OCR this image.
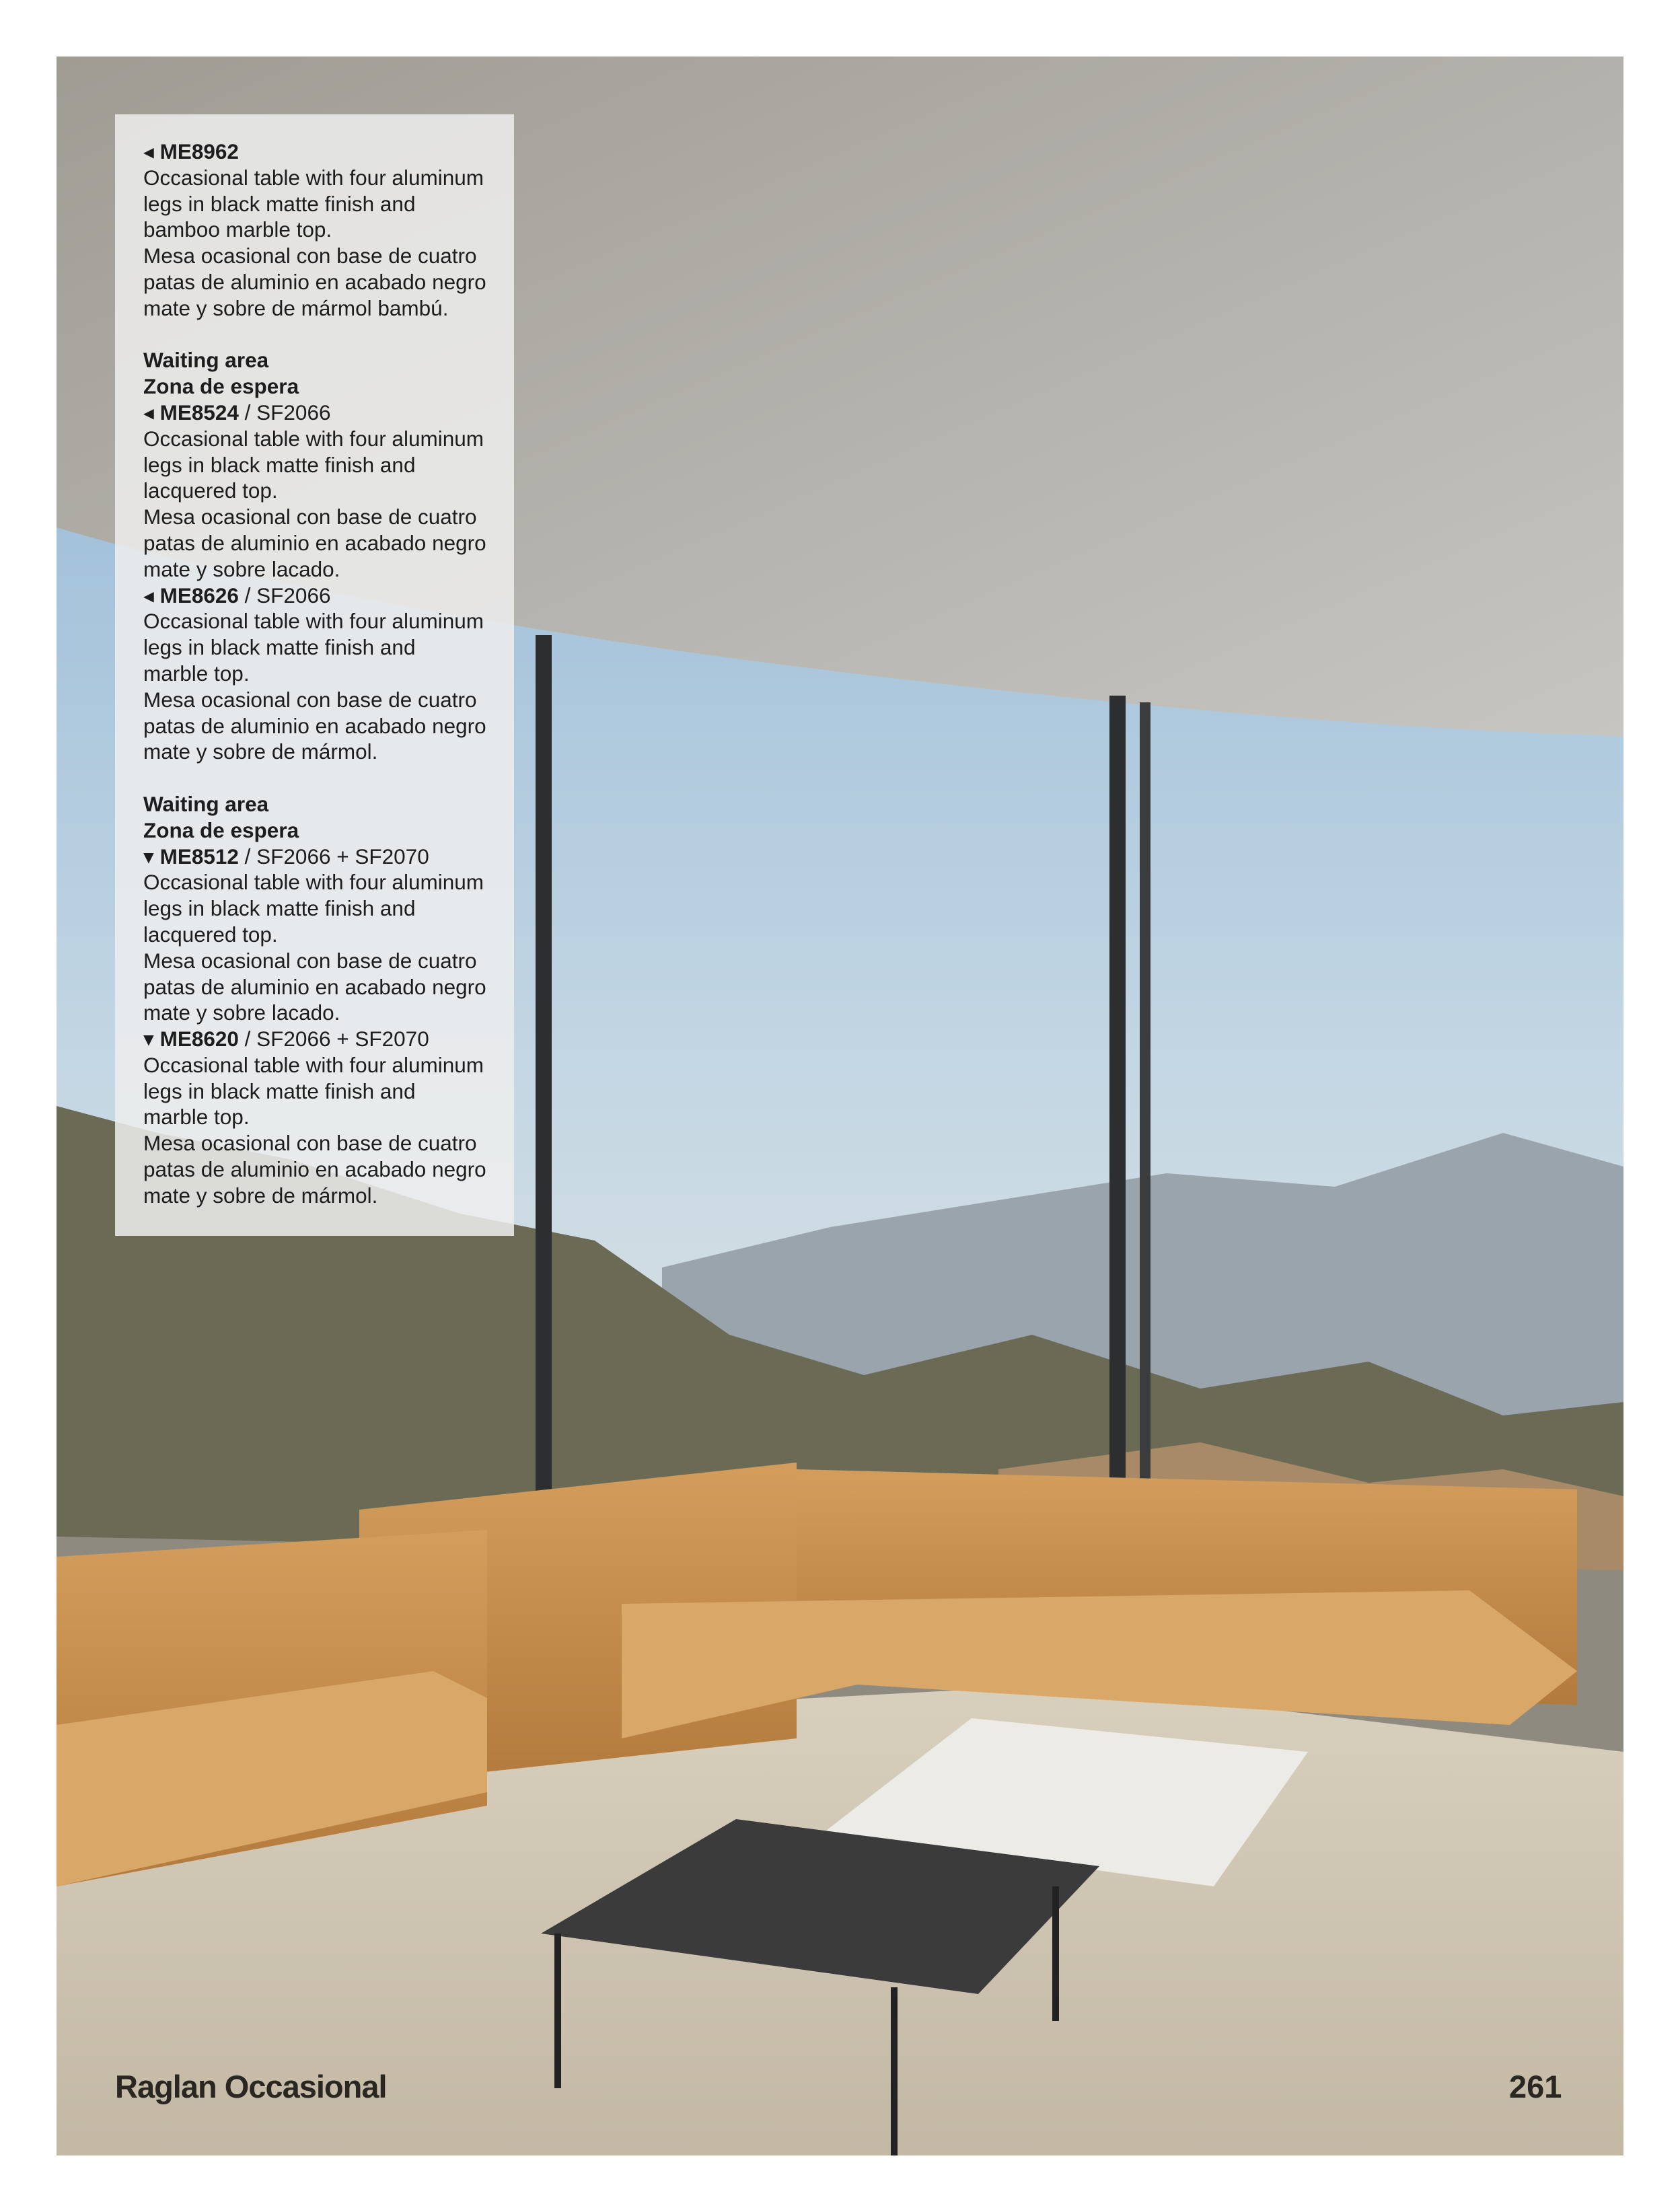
◂ ME8962
Occasional table with four aluminum
legs in black matte finish and
bamboo marble top.
Mesa ocasional con base de cuatro
patas de aluminio en acabado negro
mate y sobre de mármol bambú.
Waiting area
Zona de espera
◂ ME8524 / SF2066
Occasional table with four aluminum
legs in black matte finish and
lacquered top.
Mesa ocasional con base de cuatro
patas de aluminio en acabado negro
mate y sobre lacado.
◂ ME8626 / SF2066
Occasional table with four aluminum
legs in black matte finish and
marble top.
Mesa ocasional con base de cuatro
patas de aluminio en acabado negro
mate y sobre de mármol.
Waiting area
Zona de espera
▾ ME8512 / SF2066 + SF2070
Occasional table with four aluminum
legs in black matte finish and
lacquered top.
Mesa ocasional con base de cuatro
patas de aluminio en acabado negro
mate y sobre lacado.
▾ ME8620 / SF2066 + SF2070
Occasional table with four aluminum
legs in black matte finish and
marble top.
Mesa ocasional con base de cuatro
patas de aluminio en acabado negro
mate y sobre de mármol.
Raglan Occasional	261
